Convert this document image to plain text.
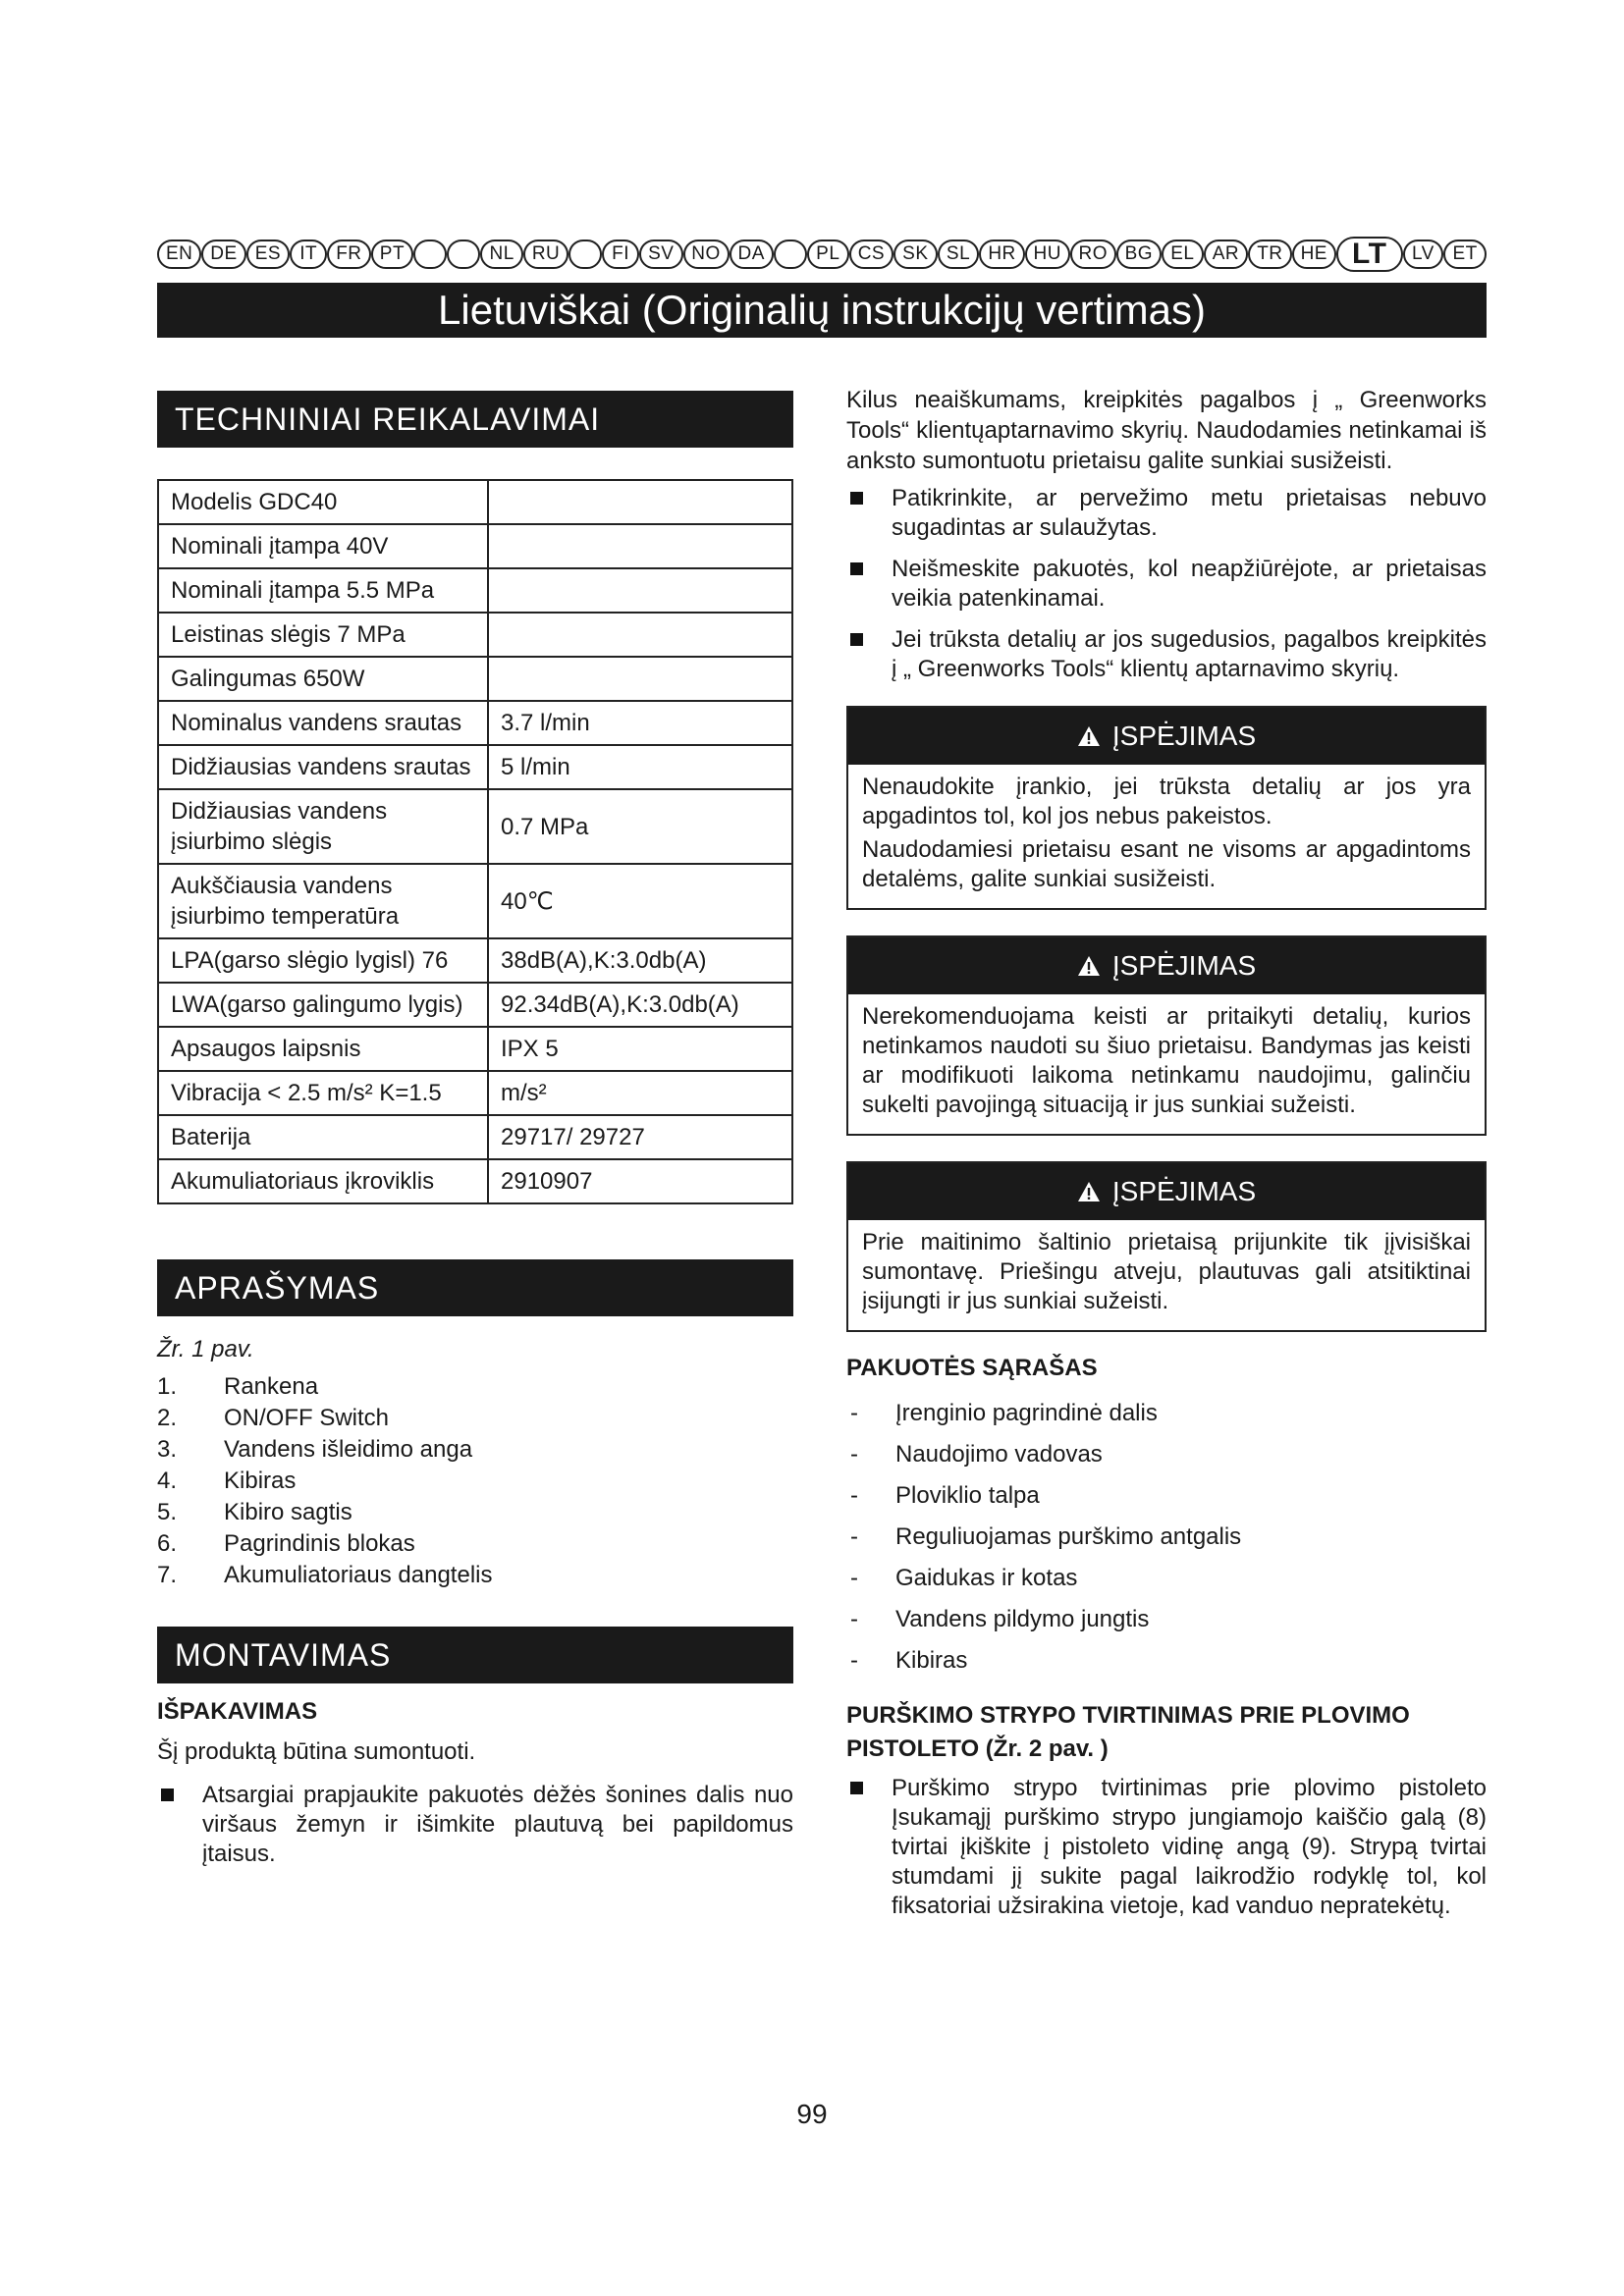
EN DE ES	IT	FR PT	NL RU	FI	SV NO DA	PL CS SK SL HR HU RO BG EL AR TR HE LT	LV ET
Lietuviškai (Originalių instrukcijų vertimas)
TECHNINIAI REIKALAVIMAI
Modelis GDC40	
Nominali įtampa 40V	
Nominali įtampa 5.5 MPa	
Leistinas slėgis 7 MPa	
Galingumas 650W	
Nominalus vandens srautas	3.7 l/min
Didžiausias vandens srautas	5 l/min
Didžiausias vandens įsiurbimo slėgis	0.7 MPa
Aukščiausia vandens įsiurbimo temperatūra	40℃
LPA(garso slėgio lygisl) 76	38dB(A),K:3.0db(A)
LWA(garso galingumo lygis)	92.34dB(A),K:3.0db(A)
Apsaugos laipsnis	IPX 5
Vibracija < 2.5 m/s² K=1.5	m/s²
Baterija	29717/ 29727
Akumuliatoriaus įkroviklis	2910907
APRAŠYMAS
Žr. 1 pav.
1.	Rankena
2.	ON/OFF Switch
3.	Vandens išleidimo anga
4.	Kibiras
5.	Kibiro sagtis
6.	Pagrindinis blokas
7.	Akumuliatoriaus dangtelis
MONTAVIMAS
IŠPAKAVIMAS

Šį produktą būtina sumontuoti.

Atsargiai prapjaukite pakuotės dėžės šonines dalis nuo viršaus žemyn ir išimkite plautuvą bei papildomus įtaisus.

Kilus neaiškumams, kreipkitės pagalbos į „ Greenworks Tools“ klientųaptarnavimo skyrių. Naudodamies netinkamai iš anksto sumontuotu prietaisu galite sunkiai susižeisti.

Patikrinkite, ar pervežimo metu prietaisas nebuvo sugadintas ar sulaužytas.
Neišmeskite pakuotės, kol neapžiūrėjote, ar prietaisas veikia patenkinamai.
Jei trūksta detalių ar jos sugedusios, pagalbos kreipkitės į „ Greenworks Tools“ klientų aptarnavimo skyrių.
ĮSPĖJIMAS

Nenaudokite įrankio, jei trūksta detalių ar jos yra apgadintos tol, kol jos nebus pakeistos.

Naudodamiesi prietaisu esant ne visoms ar apgadintoms detalėms, galite sunkiai susižeisti.

ĮSPĖJIMAS

Nerekomenduojama keisti ar pritaikyti detalių, kurios netinkamos naudoti su šiuo prietaisu. Bandymas jas keisti ar modifikuoti laikoma netinkamu naudojimu, galinčiu sukelti pavojingą situaciją ir jus sunkiai sužeisti.

ĮSPĖJIMAS

Prie maitinimo šaltinio prietaisą prijunkite tik įįvisiškai sumontavę. Priešingu atveju, plautuvas gali atsitiktinai įsijungti ir jus sunkiai sužeisti.

PAKUOTĖS SĄRAŠAS
-	Įrenginio pagrindinė dalis
-	Naudojimo vadovas
-	Ploviklio talpa
-	Reguliuojamas purškimo antgalis
-	Gaidukas ir kotas
-	Vandens pildymo jungtis
-	Kibiras
PURŠKIMO STRYPO TVIRTINIMAS PRIE PLOVIMO PISTOLETO (Žr. 2 pav. )
Purškimo strypo tvirtinimas prie plovimo pistoleto Įsukamąjį purškimo strypo jungiamojo kaiščio galą (8) tvirtai įkiškite į pistoleto vidinę angą (9). Strypą tvirtai stumdami jį sukite pagal laikrodžio rodyklę tol, kol fiksatoriai užsirakina vietoje, kad vanduo nepratekėtų.
99
